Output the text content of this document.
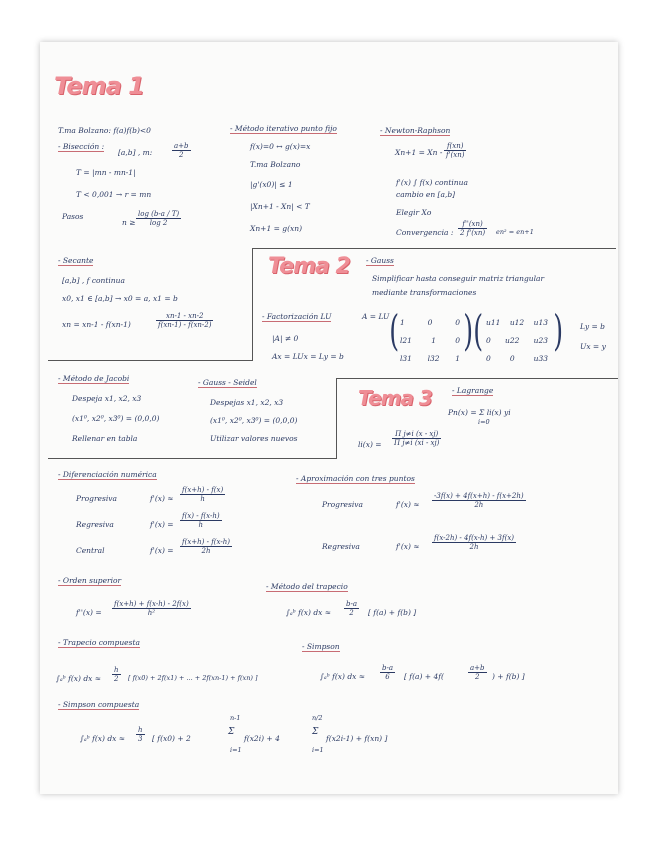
Tema 1
T.ma Bolzano: f(a)f(b)<0
- Bisección :
[a,b] , m:	$\frac{a+b}{2}$
T = |mn - mn-1|
T < 0,001 → r = mn
Pasos
$n \ge \frac{\log (b-a / T)}{\log 2}$
- Método iterativo punto fijo
f(x)=0 ↔ g(x)=x
T.ma Bolzano
|g'(x0)| ≤ 1
|Xn+1 - Xn| < T
Xn+1 = g(xn)
- Newton-Raphson
$Xn+1 = Xn - \frac{f(xn)}{f'(xn)}$
f'(x) ∫ f(x) continua
cambio en [a,b]
Elegir Xo
Convergencia : $\frac{f''(xn)}{2 f'(xn)} en^2 = en+1$
- Secante
[a,b] , f continua
x0, x1 ∈ [a,b] → x0 = a, x1 = b
xn = xn-1 - f(xn-1)	$\frac{xn-1 - xn-2}{f(xn-1) - f(xn-2)}$
Tema 2 - Gauss
Simplificar hasta conseguir matriz triangular
mediante transformaciones
- Factorización LU	A = LU
|A| ≠ 0
Ax = LUx = Ly = b
( 1	0	0
l21	1	0
l31 l32 1
) ( u11 u12 u13
0 u22 u23
0	0	u33
) Ly = b
Ux = y
- Método de Jacobi
Despeja x1, x2, x3
(x1⁰, x2⁰, x3⁰) = (0,0,0)
Rellenar en tabla
- Gauss - Seidel
Despejas x1, x2, x3
(x1⁰, x2⁰, x3⁰) = (0,0,0)
Utilizar valores nuevos
Tema 3	- Lagrange
Pn(x) = Σ li(x) yi
i=0
$li(x) = \frac{\text{Π j≠i (x - xj)}}{\text{Π j≠i (xi - xj)}}$
- Diferenciación numérica
Progresiva	$f'(x) \approx \frac{f(x+h) - f(x)}{h}$
Regresiva	$f'(x) = \frac{f(x) - f(x-h)}{h}$
Central	$f'(x) = \frac{f(x+h) - f(x-h)}{2h}$
- Aproximación con tres puntos
Progresiva	$f'(x) \approx \frac{-3f(x) + 4f(x+h) - f(x+2h)}{2h}$
Regresiva	$f'(x) \approx \frac{f(x-2h) - 4f(x-h) + 3f(x)}{2h}$
- Orden superior
$f''(x) = \frac{f(x+h) + f(x-h) - 2f(x)}{\text{h²}}$
- Método del trapecio
∫ₐᵇ f(x) dx ≈ $\frac{b-a}{2}$ [ f(a) + f(b) ]
- Trapecio compuesta
∫ₐᵇ f(x) dx ≈ $\frac{h}{2}$ [ f(x0) + 2f(x1) + ... + 2f(xn-1) + f(xn) ]
- Simpson
∫ₐᵇ f(x) dx ≈ $\frac{b-a}{6}$ [ f(a) + 4f(	$\frac{a+b}{2}$ ) + f(b) ]
- Simpson compuesta
∫ₐᵇ f(x) dx ≈ $\frac{h}{3}$ [ f(x0) + 2
n-1
Σ
i=1
f(x2i) + 4
n/2
Σ
i=1
f(x2i-1) + f(xn) ]
